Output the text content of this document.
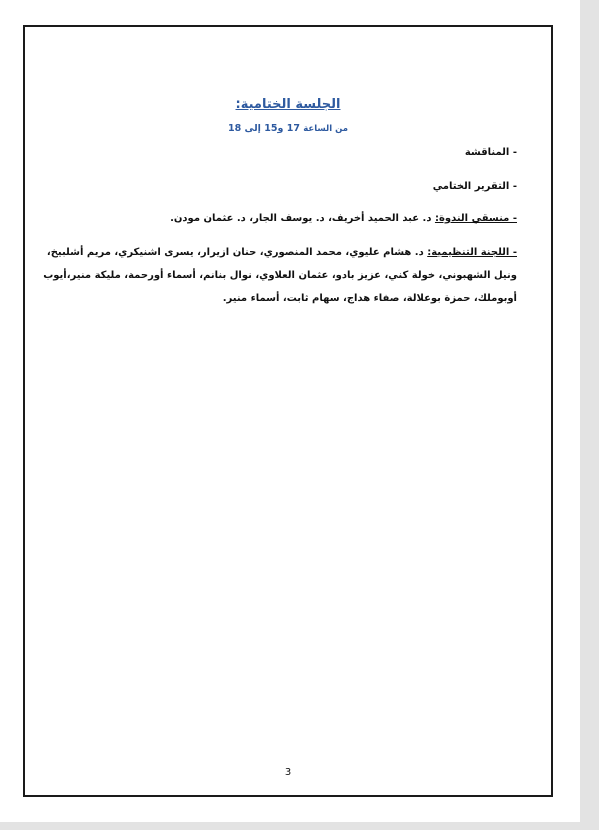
الجلسة الختامية:
من الساعة 17 و15 إلى 18
- المناقشة
- التقرير الختامي
- منسقي الندوة: د. عبد الحميد أخريف، د. يوسف الجار، د. عثمان مودن.
- اللجنة التنظيمية: د. هشام عليوي، محمد المنصوري، حنان ازيرار، يسرى اشنيكري، مريم أشلبيخ،
ونيل الشهبوني، خولة كني، عزيز بادو، عثمان العلاوي، نوال بنانم، أسماء أورحمة، مليكة منير،أيوب
أوبوملك، حمزة بوعلالة، صفاء هداج، سهام ثابت، أسماء منير.
3
